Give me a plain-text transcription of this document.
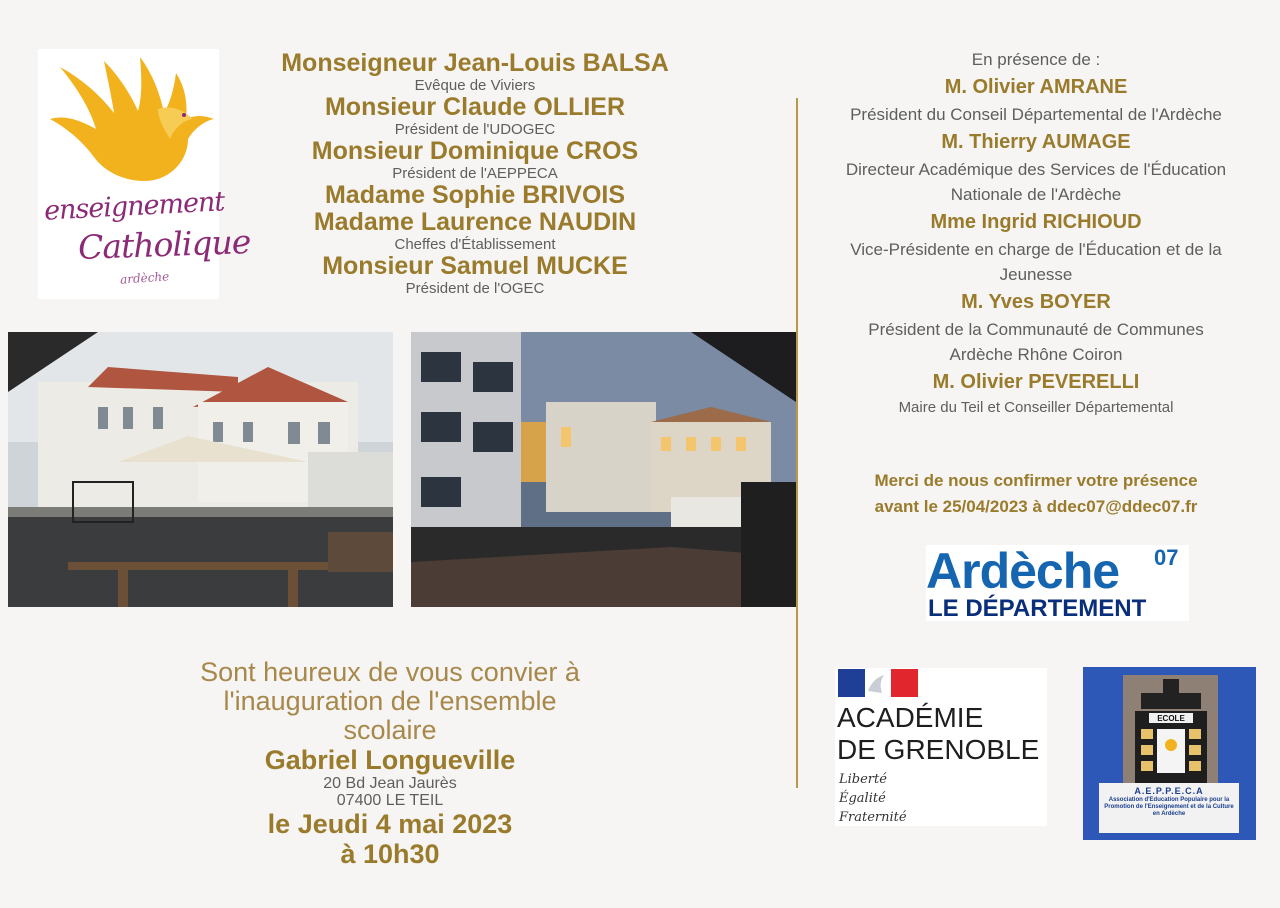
enseignement
Catholique
ardèche
Monseigneur Jean-Louis BALSA
Evêque de Viviers
Monsieur Claude OLLIER
Président de l'UDOGEC
Monsieur Dominique CROS
Président de l'AEPPECA
Madame Sophie BRIVOIS
Madame Laurence NAUDIN
Cheffes d'Établissement
Monsieur Samuel MUCKE
Président de l'OGEC
Sont heureux de vous convier à
l'inauguration de l'ensemble
scolaire
Gabriel Longueville
20 Bd Jean Jaurès
07400 LE TEIL
le Jeudi 4 mai 2023
à 10h30
En présence de :
M. Olivier AMRANE
Président du Conseil Départemental de l'Ardèche
M. Thierry AUMAGE
Directeur Académique des Services de l'Éducation
Nationale de l'Ardèche
Mme Ingrid RICHIOUD
Vice-Présidente en charge de l'Éducation et de la
Jeunesse
M. Yves BOYER
Président de la Communauté de Communes
Ardèche Rhône Coiron
M. Olivier PEVERELLI
Maire du Teil et Conseiller Départemental
Merci de nous confirmer votre présence
avant le 25/04/2023 à ddec07@ddec07.fr
Ardèche 07
LE DÉPARTEMENT
ACADÉMIE
DE GRENOBLE
Liberté
Égalité
Fraternité
ECOLE
A.E.P.P.E.C.A
Association d'Education Populaire pour la Promotion de l'Enseignement et de la Culture en Ardèche
